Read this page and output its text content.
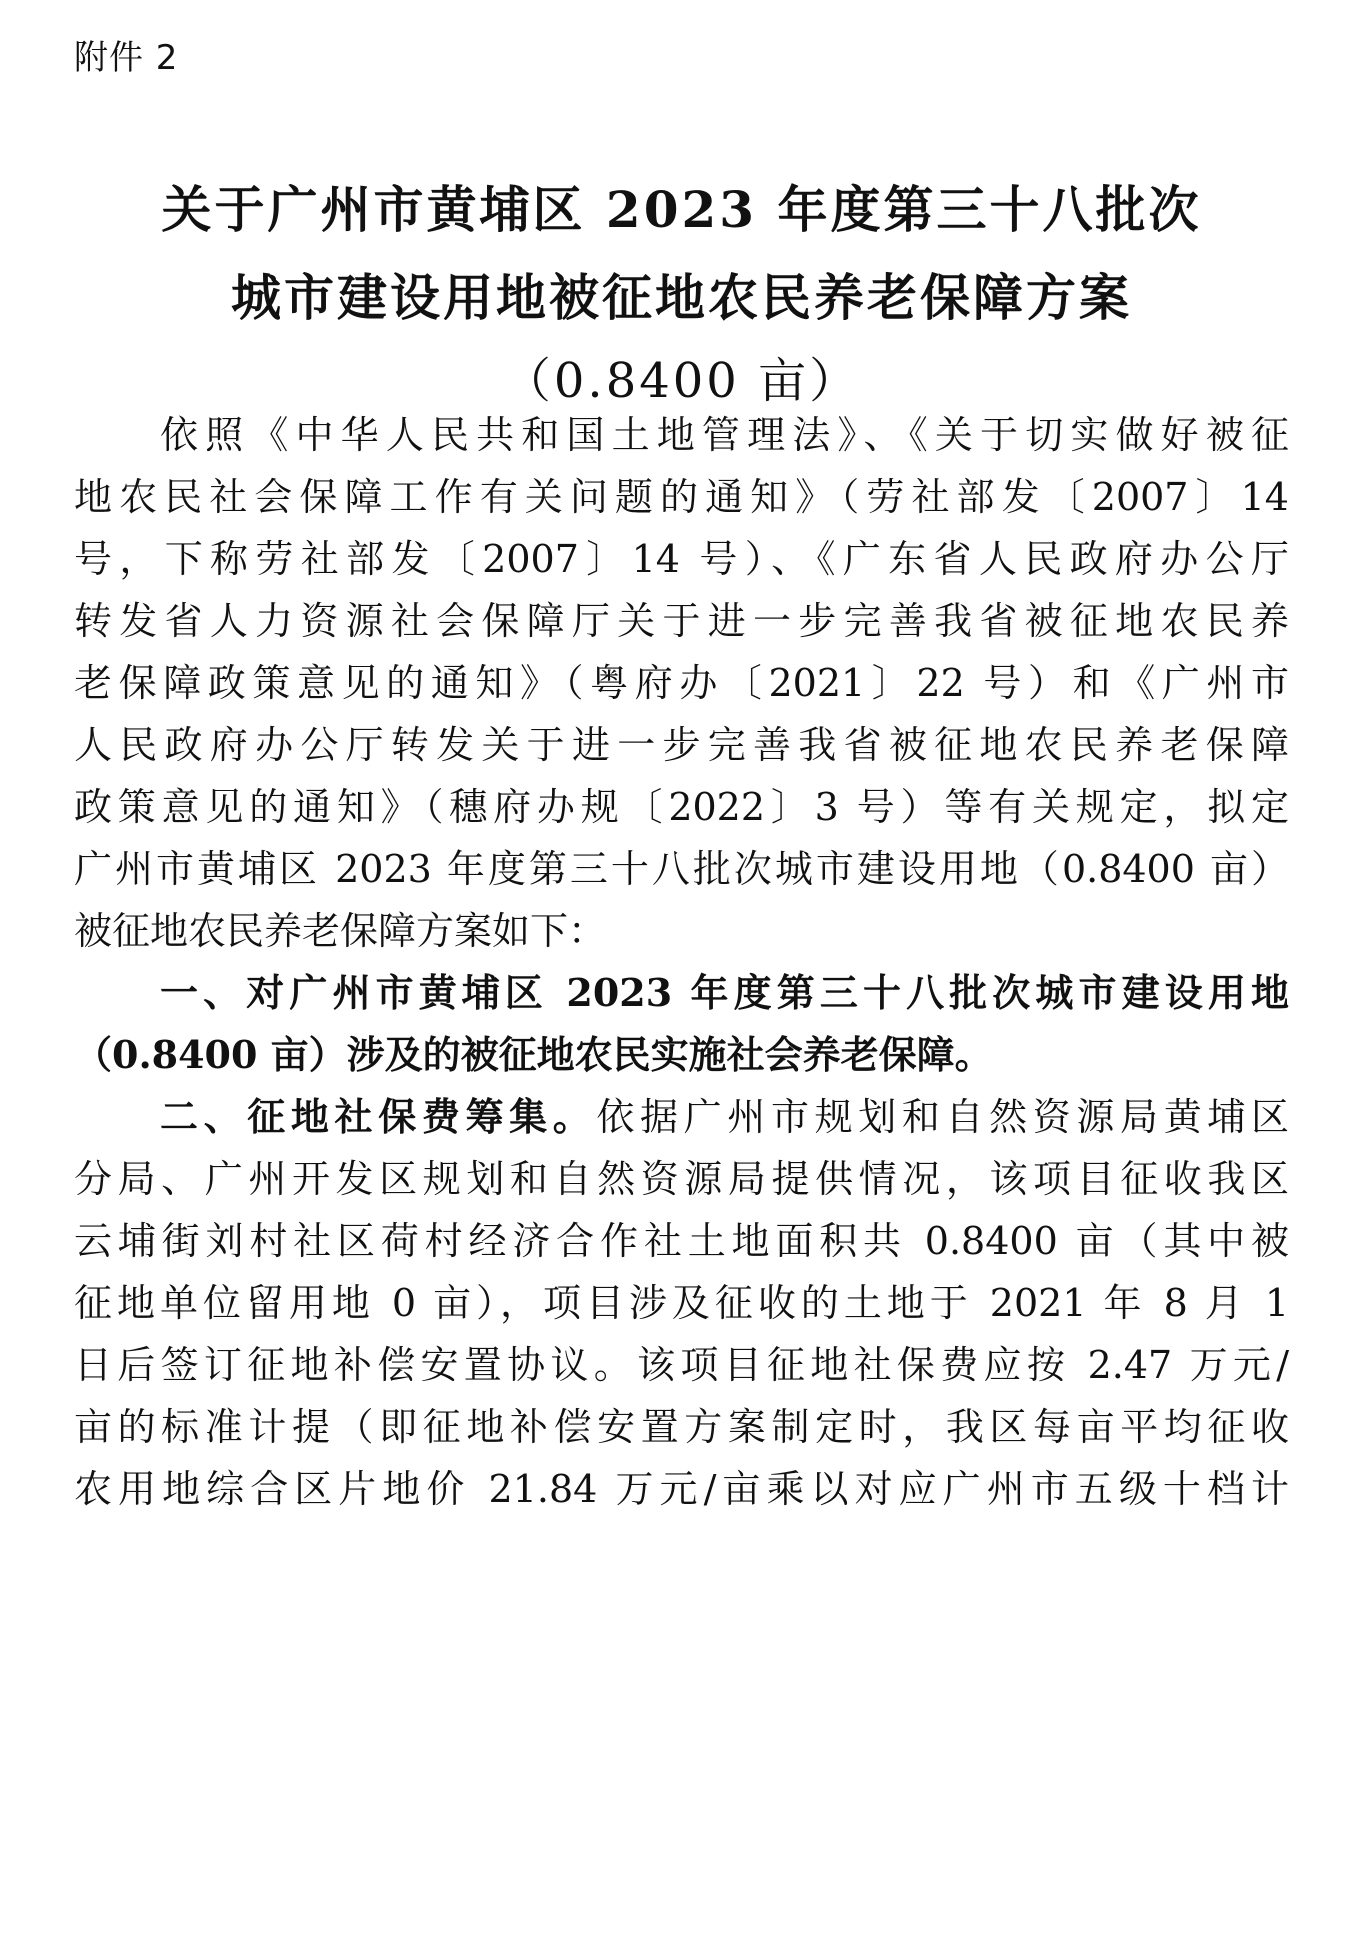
附件 2
关于广州市黄埔区 2023 年度第三十八批次
城市建设用地被征地农民养老保障方案
（0.8400 亩）
依照《中华人民共和国土地管理法》、《关于切实做好被征
地农民社会保障工作有关问题的通知》（劳社部发〔2007〕14
号，下称劳社部发〔2007〕14 号）、《广东省人民政府办公厅
转发省人力资源社会保障厅关于进一步完善我省被征地农民养
老保障政策意见的通知》（粤府办〔2021〕22 号）和《广州市
人民政府办公厅转发关于进一步完善我省被征地农民养老保障
政策意见的通知》（穗府办规〔2022〕3 号）等有关规定，拟定
广州市黄埔区 2023 年度第三十八批次城市建设用地（0.8400 亩）
被征地农民养老保障方案如下：
一、对广州市黄埔区 2023 年度第三十八批次城市建设用地
（0.8400 亩）涉及的被征地农民实施社会养老保障。
二、征地社保费筹集。依据广州市规划和自然资源局黄埔区
分局、广州开发区规划和自然资源局提供情况，该项目征收我区
云埔街刘村社区荷村经济合作社土地面积共 0.8400 亩（其中被
征地单位留用地 0 亩），项目涉及征收的土地于 2021 年 8 月 1
日后签订征地补偿安置协议。该项目征地社保费应按 2.47 万元/
亩的标准计提（即征地补偿安置方案制定时，我区每亩平均征收
农用地综合区片地价 21.84 万元/亩乘以对应广州市五级十档计
